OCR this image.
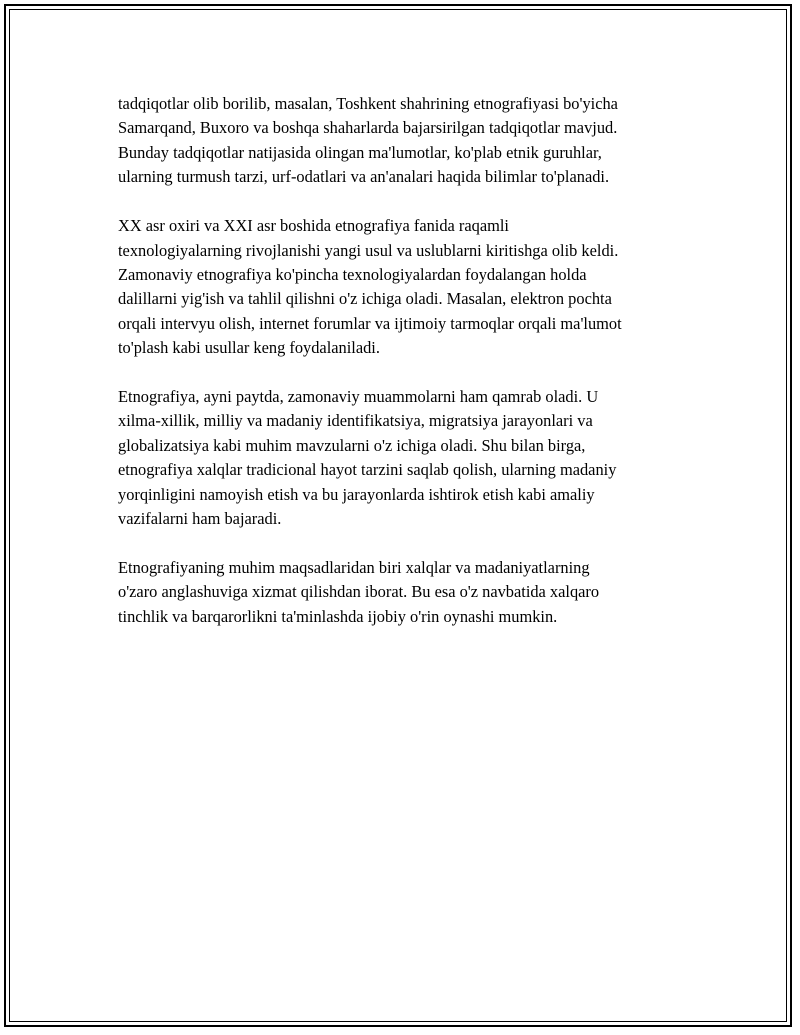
tadqiqotlar olib borilib, masalan, Toshkent shahrining etnografiyasi bo'yicha
Samarqand, Buxoro va boshqa shaharlarda bajarsirilgan tadqiqotlar mavjud.
Bunday tadqiqotlar natijasida olingan ma'lumotlar, ko'plab etnik guruhlar,
ularning turmush tarzi, urf-odatlari va an'analari haqida bilimlar to'planadi.
XX asr oxiri va XXI asr boshida etnografiya fanida raqamli
texnologiyalarning rivojlanishi yangi usul va uslublarni kiritishga olib keldi.
Zamonaviy etnografiya ko'pincha texnologiyalardan foydalangan holda
dalillarni yig'ish va tahlil qilishni o'z ichiga oladi. Masalan, elektron pochta
orqali intervyu olish, internet forumlar va ijtimoiy tarmoqlar orqali ma'lumot
to'plash kabi usullar keng foydalaniladi.
Etnografiya, ayni paytda, zamonaviy muammolarni ham qamrab oladi. U
xilma-xillik, milliy va madaniy identifikatsiya, migratsiya jarayonlari va
globalizatsiya kabi muhim mavzularni o'z ichiga oladi. Shu bilan birga,
etnografiya xalqlar tradicional hayot tarzini saqlab qolish, ularning madaniy
yorqinligini namoyish etish va bu jarayonlarda ishtirok etish kabi amaliy
vazifalarni ham bajaradi.
Etnografiyaning muhim maqsadlaridan biri xalqlar va madaniyatlarning
o'zaro anglashuviga xizmat qilishdan iborat. Bu esa o'z navbatida xalqaro
tinchlik va barqarorlikni ta'minlashda ijobiy o'rin oynashi mumkin.
